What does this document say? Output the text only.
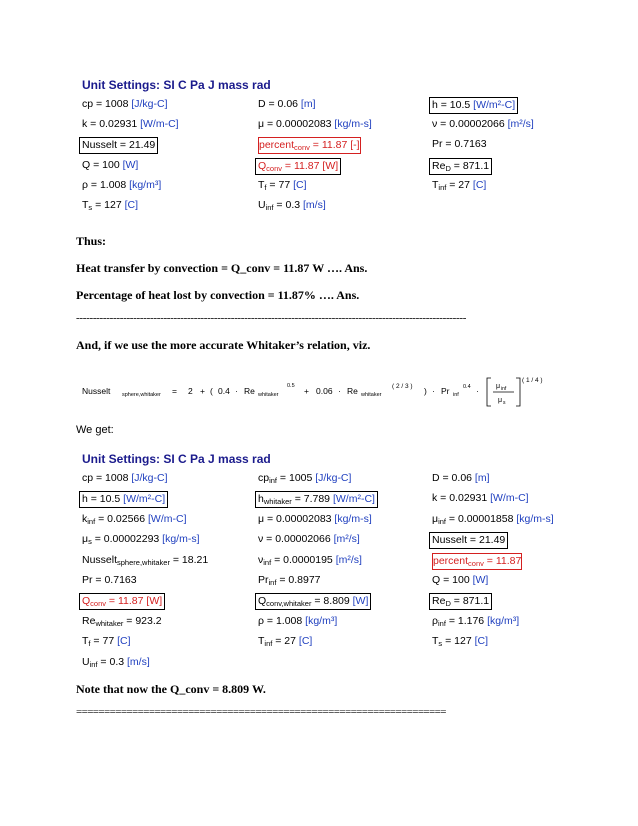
Unit Settings: SI C Pa J mass rad
cp = 1008 [J/kg-C]	D = 0.06 [m]	h = 10.5 [W/m²-C]
k = 0.02931 [W/m-C]	μ = 0.00002083 [kg/m-s]	ν = 0.00002066 [m²/s]
Nusselt = 21.49	percent$_{conv}$ = 11.87 [-]	Pr = 0.7163
Q = 100 [W]	$Q_{conv} = 11.87$ [W]	$Re_D = 871.1$
ρ = 1.008 [kg/m³]	$T_f = 77$ [C]	$T_{inf} = 27$ [C]
$T_s = 127$ [C]	$U_{inf} = 0.3$ [m/s]
Thus:
Heat transfer by convection = Q_conv = 11.87 W …. Ans.
Percentage of heat lost by convection = 11.87% …. Ans.
--------------------------------------------------------------------------------------------------------------------
And, if we use the more accurate Whitaker’s relation, viz.
Nusselt sphere,whitaker = 2 + ( 0.4 · Re whitaker
0.5 + 0.06 · Re whitaker
( 2 / 3 ) ) · Pr inf
0.4 · μ inf
μ s
( 1 / 4 )
We get:
Unit Settings: SI C Pa J mass rad
cp = 1008 [J/kg-C]	$cp_{inf} = 1005$ [J/kg-C]	D = 0.06 [m]
h = 10.5 [W/m²-C]	$h_{whitaker} = 7.789$ [W/m²-C]	k = 0.02931 [W/m-C]
$k_{inf} = 0.02566$ [W/m-C]	μ = 0.00002083 [kg/m-s]	$\mu_{inf} = 0.00001858$ [kg/m-s]
$\mu_s = 0.00002293$ [kg/m-s]	ν = 0.00002066 [m²/s]	Nusselt = 21.49
Nusselt$_{sphere,whitaker}$ = 18.21	$\nu_{inf} = 0.0000195$ [m²/s]	percent$_{conv}$ = 11.87
Pr = 0.7163	$Pr_{inf} = 0.8977$	Q = 100 [W]
$Q_{conv} = 11.87$ [W]	$Q_{conv,whitaker} = 8.809$ [W]	$Re_D = 871.1$
$Re_{whitaker} = 923.2$	ρ = 1.008 [kg/m³]	$\rho_{inf} = 1.176$ [kg/m³]
$T_f = 77$ [C]	$T_{inf} = 27$ [C]	$T_s = 127$ [C]
$U_{inf} = 0.3$ [m/s]
Note that now the Q_conv = 8.809 W.
==================================================================
